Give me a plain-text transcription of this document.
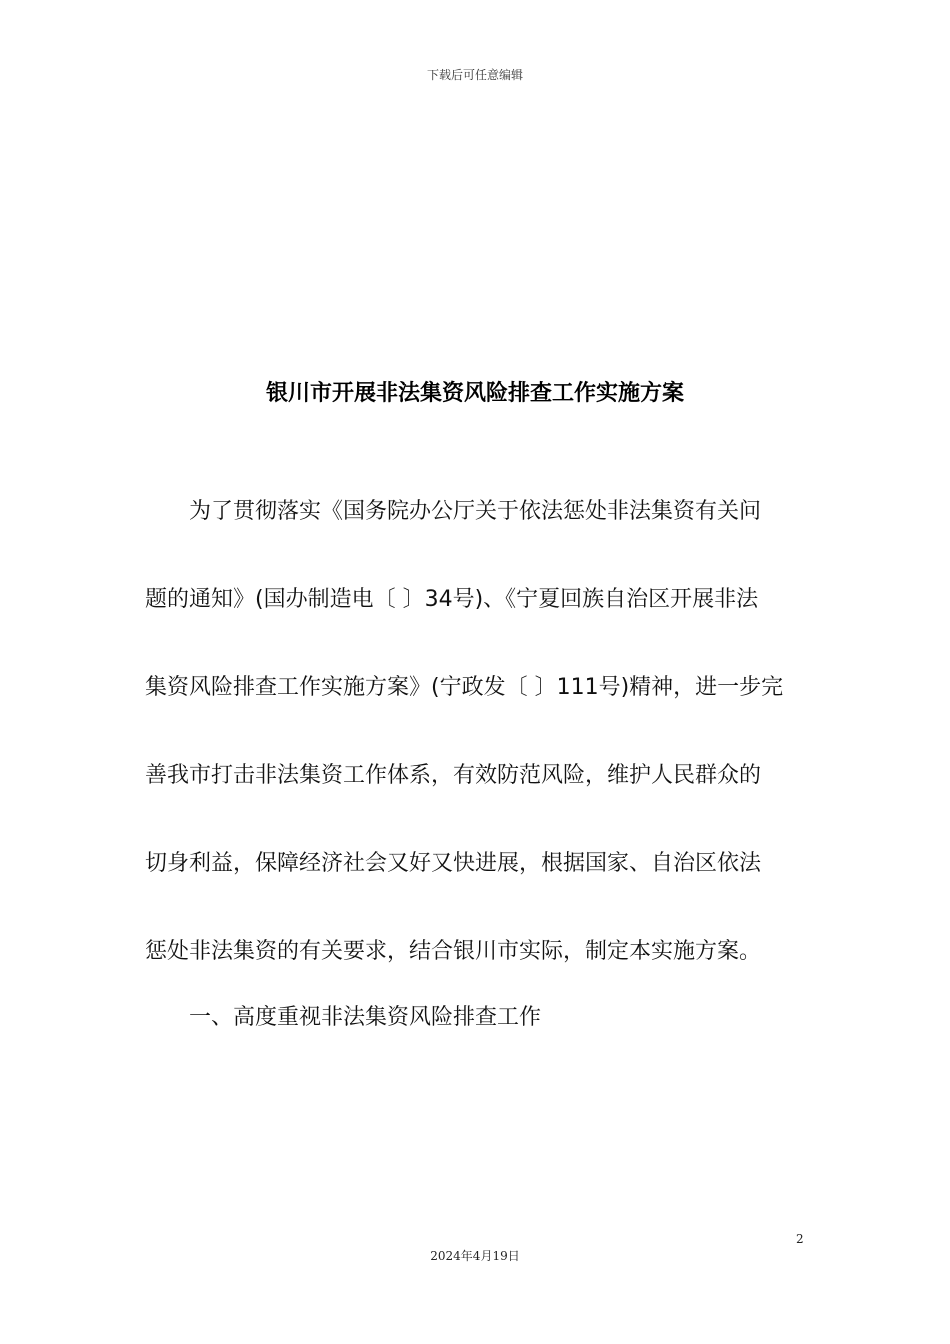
下载后可任意编辑
银川市开展非法集资风险排查工作实施方案
为了贯彻落实《国务院办公厅关于依法惩处非法集资有关问
题的通知》(国办制造电〔 〕34号)、《宁夏回族自治区开展非法
集资风险排查工作实施方案》(宁政发〔 〕111号)精神，进一步完
善我市打击非法集资工作体系，有效防范风险，维护人民群众的
切身利益，保障经济社会又好又快进展，根据国家、自治区依法
惩处非法集资的有关要求，结合银川市实际，制定本实施方案。
一、高度重视非法集资风险排查工作
2
2024年4月19日
